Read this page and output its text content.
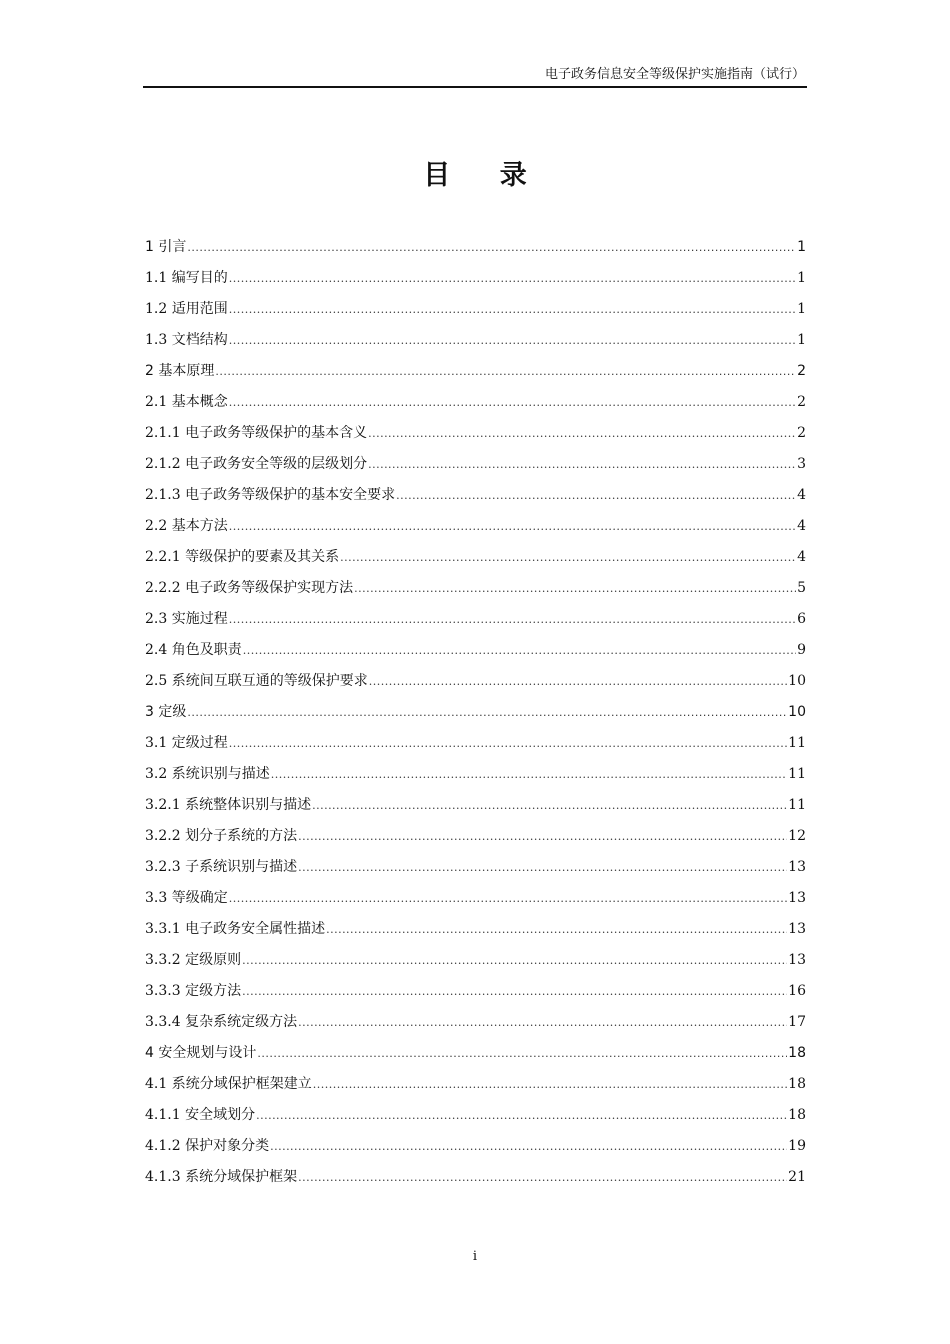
电子政务信息安全等级保护实施指南（试行）
目 录
1 引言 .....	1
1.1 编写目的 .....	1
1.2 适用范围 .....	1
1.3 文档结构 .....	1
2 基本原理 .....	2
2.1 基本概念 .....	2
2.1.1 电子政务等级保护的基本含义 .....	2
2.1.2 电子政务安全等级的层级划分 .....	3
2.1.3 电子政务等级保护的基本安全要求 .....	4
2.2 基本方法 .....	4
2.2.1 等级保护的要素及其关系 .....	4
2.2.2 电子政务等级保护实现方法 .....	5
2.3 实施过程 .....	6
2.4 角色及职责 .....	9
2.5 系统间互联互通的等级保护要求 .....	10
3 定级 .....	10
3.1 定级过程 .....	11
3.2 系统识别与描述 .....	11
3.2.1 系统整体识别与描述 .....	11
3.2.2 划分子系统的方法 .....	12
3.2.3 子系统识别与描述 .....	13
3.3 等级确定 .....	13
3.3.1 电子政务安全属性描述 .....	13
3.3.2 定级原则 .....	13
3.3.3 定级方法 .....	16
3.3.4 复杂系统定级方法 .....	17
4 安全规划与设计 .....	18
4.1 系统分域保护框架建立 .....	18
4.1.1 安全域划分 .....	18
4.1.2 保护对象分类 .....	19
4.1.3 系统分域保护框架 .....	21
i
